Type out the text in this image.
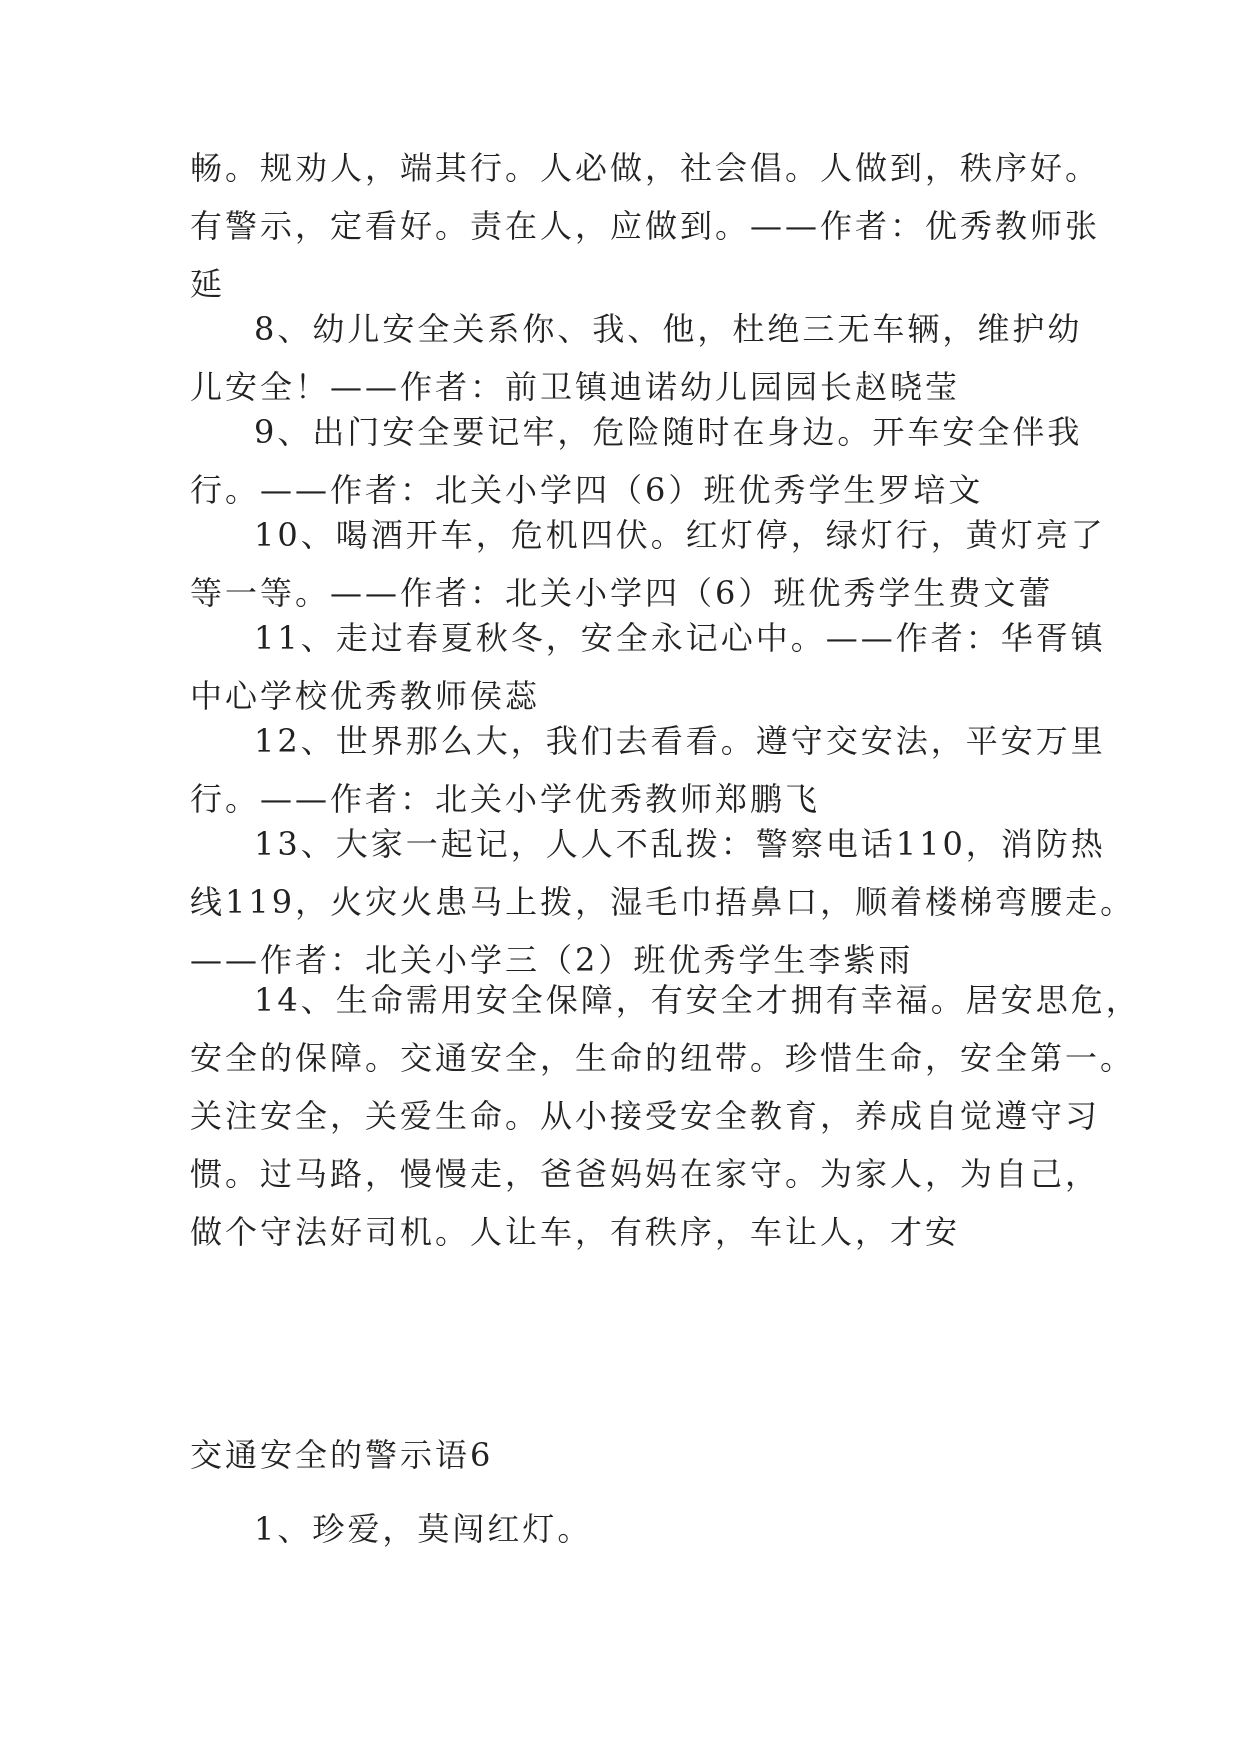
畅。规劝人，端其行。人必做，社会倡。人做到，秩序好。
有警示，定看好。责在人，应做到。——作者：优秀教师张
延
8、幼儿安全关系你、我、他，杜绝三无车辆，维护幼
儿安全！——作者：前卫镇迪诺幼儿园园长赵晓莹
9、出门安全要记牢，危险随时在身边。开车安全伴我
行。——作者：北关小学四（6）班优秀学生罗培文
10、喝酒开车，危机四伏。红灯停，绿灯行，黄灯亮了
等一等。——作者：北关小学四（6）班优秀学生费文蕾
11、走过春夏秋冬，安全永记心中。——作者：华胥镇
中心学校优秀教师侯蕊
12、世界那么大，我们去看看。遵守交安法，平安万里
行。——作者：北关小学优秀教师郑鹏飞
13、大家一起记，人人不乱拨：警察电话110，消防热
线119，火灾火患马上拨，湿毛巾捂鼻口，顺着楼梯弯腰走。
——作者：北关小学三（2）班优秀学生李紫雨
14、生命需用安全保障，有安全才拥有幸福。居安思危，
安全的保障。交通安全，生命的纽带。珍惜生命，安全第一。
关注安全，关爱生命。从小接受安全教育，养成自觉遵守习
惯。过马路，慢慢走，爸爸妈妈在家守。为家人，为自己，
做个守法好司机。人让车，有秩序，车让人，才安
交通安全的警示语6
1、珍爱，莫闯红灯。
